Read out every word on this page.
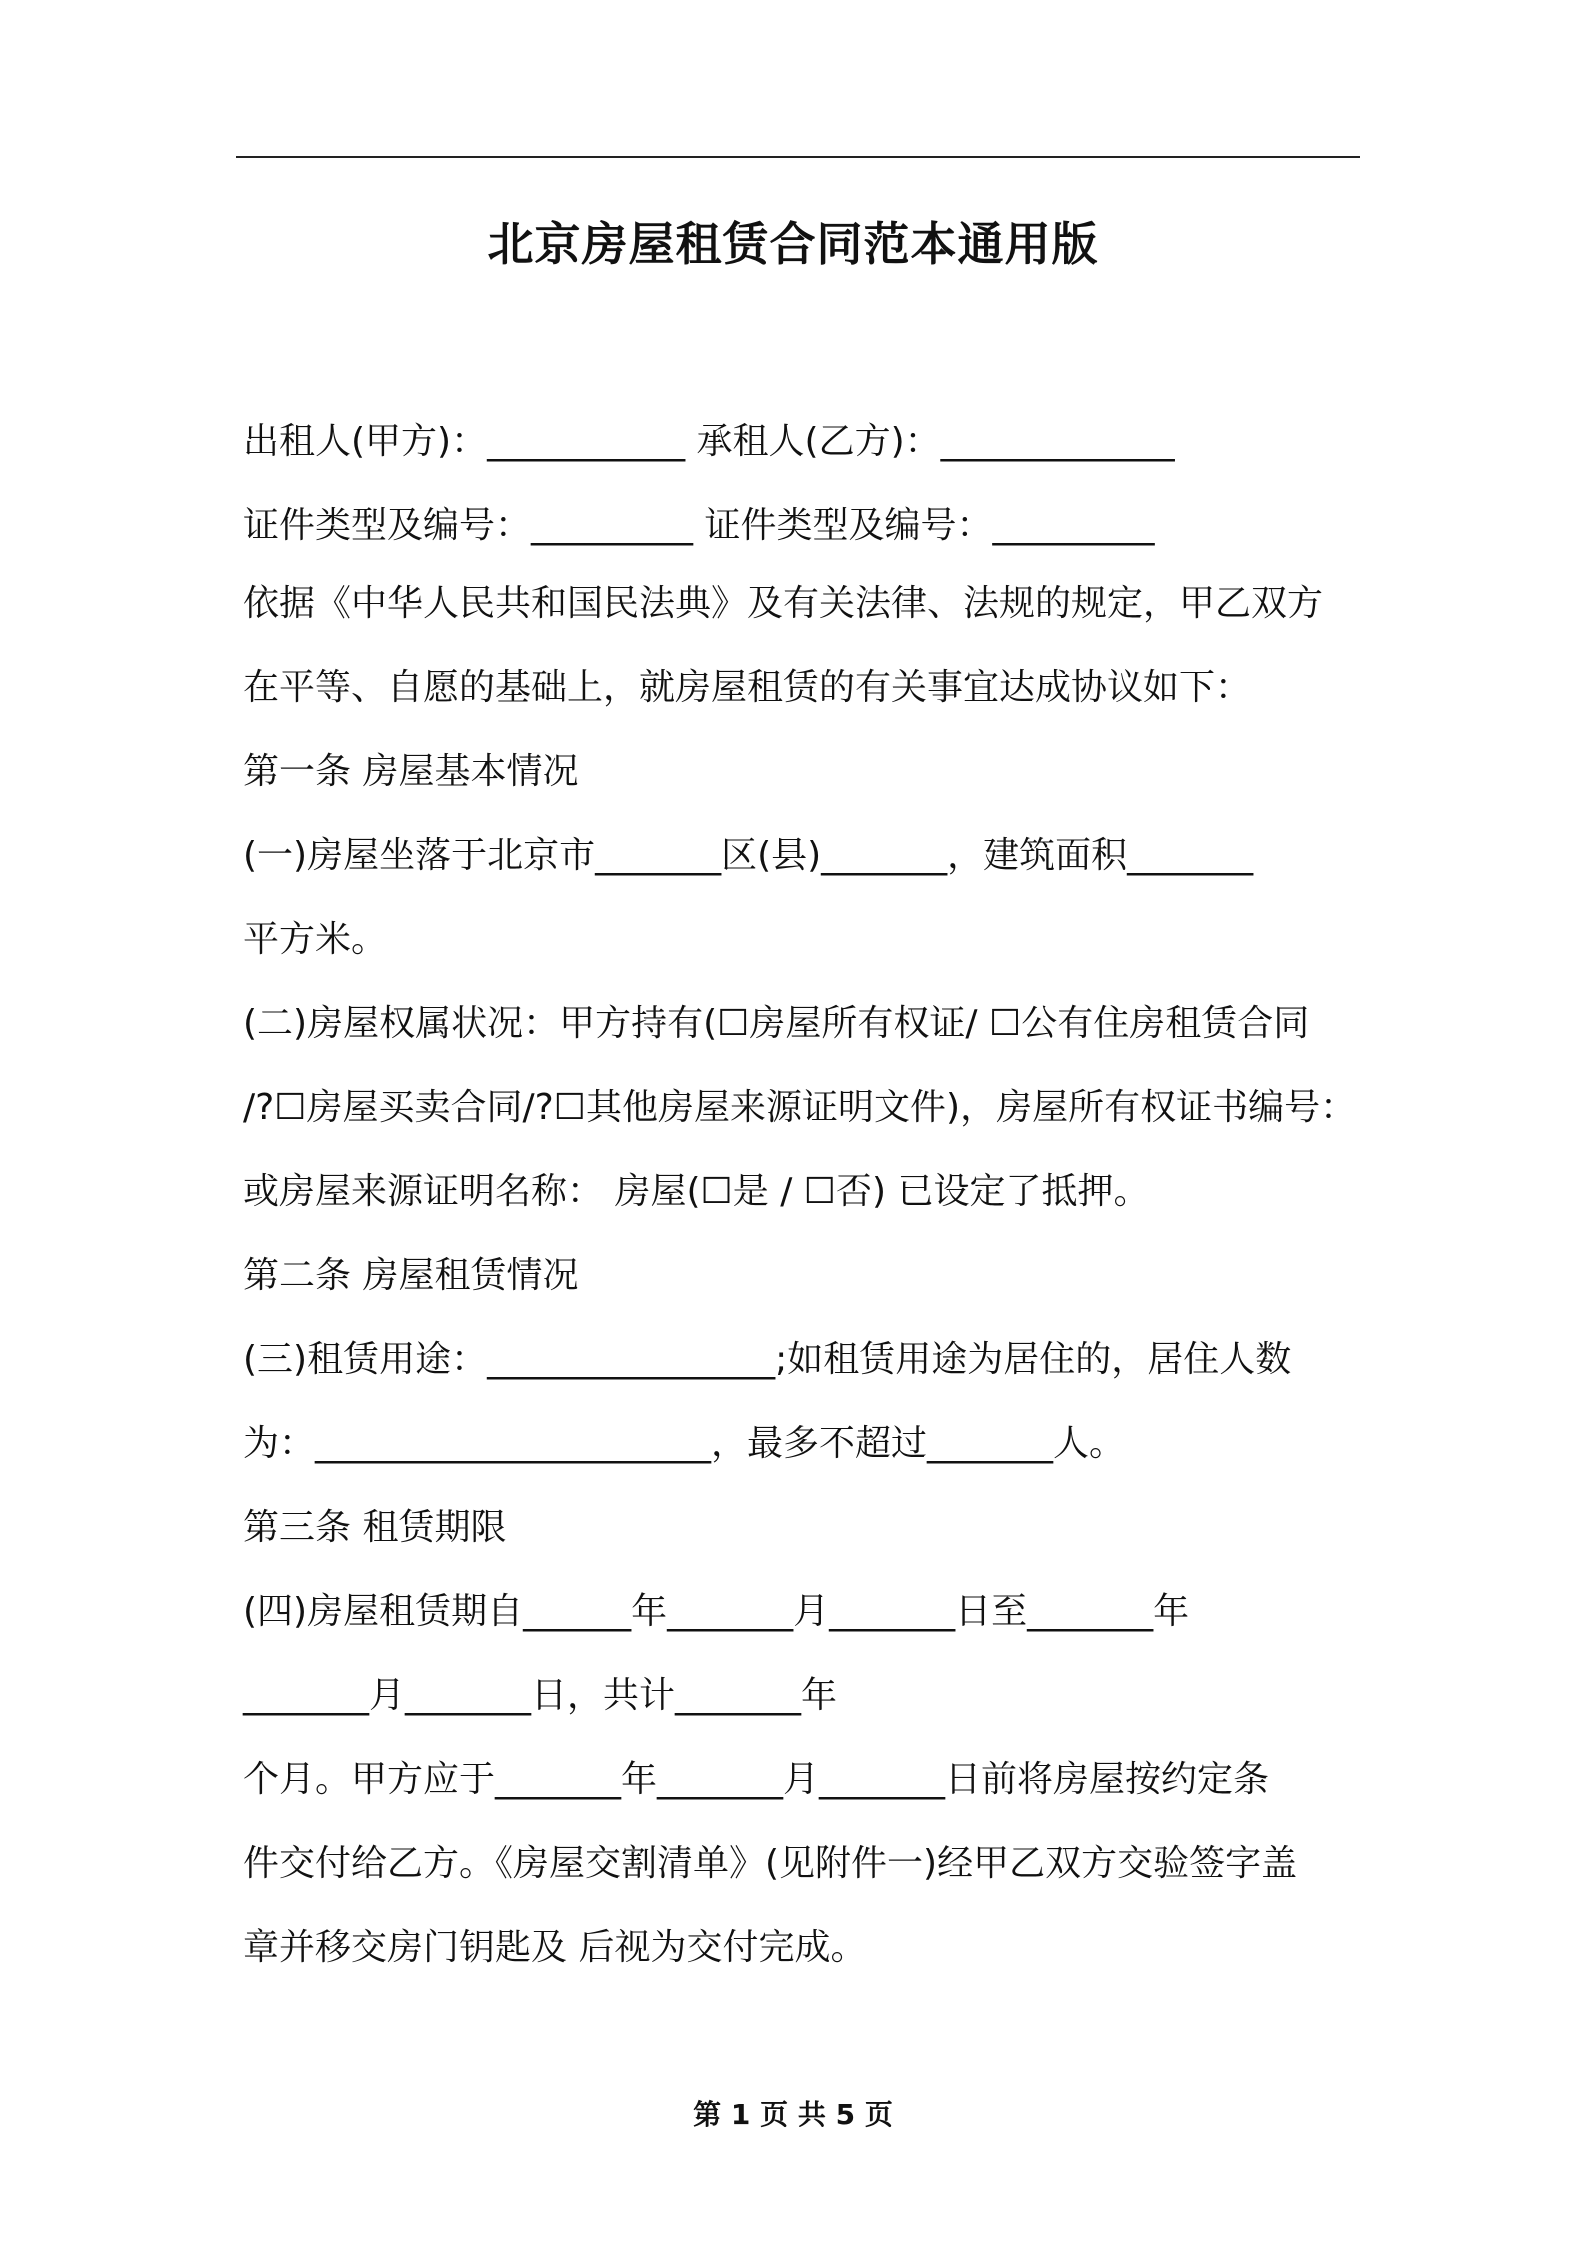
北京房屋租赁合同范本通用版
出租人(甲方)：___________ 承租人(乙方)：_____________
证件类型及编号：_________ 证件类型及编号：_________
依据《中华人民共和国民法典》及有关法律、法规的规定，甲乙双方
在平等、自愿的基础上，就房屋租赁的有关事宜达成协议如下：
第一条 房屋基本情况
(一)房屋坐落于北京市_______区(县)_______，建筑面积_______
平方米。
(二)房屋权属状况：甲方持有(☐房屋所有权证/ ☐公有住房租赁合同
/?☐房屋买卖合同/?☐其他房屋来源证明文件)，房屋所有权证书编号：
或房屋来源证明名称： 房屋(☐是 / ☐否) 已设定了抵押。
第二条 房屋租赁情况
(三)租赁用途：________________;如租赁用途为居住的，居住人数
为：______________________，最多不超过_______人。
第三条 租赁期限
(四)房屋租赁期自______年_______月_______日至_______年
_______月_______日，共计_______年
个月。甲方应于_______年_______月_______日前将房屋按约定条
件交付给乙方。《房屋交割清单》(见附件一)经甲乙双方交验签字盖
章并移交房门钥匙及 后视为交付完成。
第 1 页 共 5 页
